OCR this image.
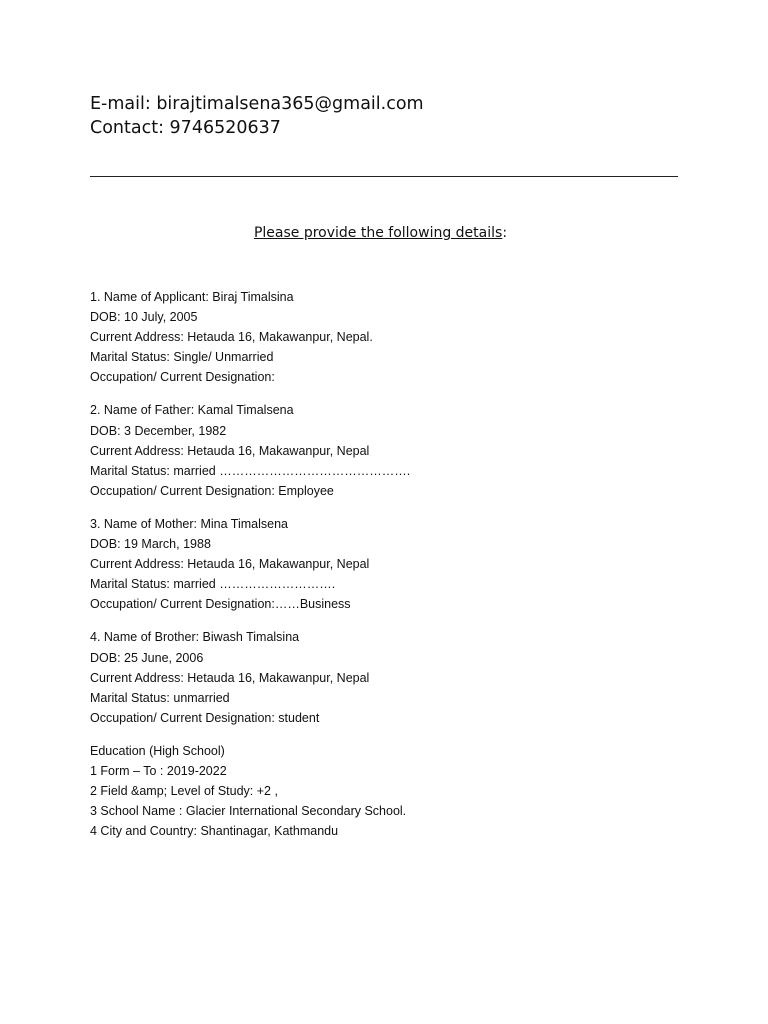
E-mail: birajtimalsena365@gmail.com
Contact: 9746520637
Please provide the following details:
1. Name of Applicant: Biraj Timalsina
DOB: 10 July, 2005
Current Address: Hetauda 16, Makawanpur, Nepal.
Marital Status: Single/ Unmarried
Occupation/ Current Designation:
2. Name of Father: Kamal Timalsena
DOB: 3 December, 1982
Current Address: Hetauda 16, Makawanpur, Nepal
Marital Status: married ……………………………………….
Occupation/ Current Designation: Employee
3. Name of Mother: Mina Timalsena
DOB: 19 March, 1988
Current Address: Hetauda 16, Makawanpur, Nepal
Marital Status: married ……………………….
Occupation/ Current Designation:……Business
4. Name of Brother: Biwash Timalsina
DOB: 25 June, 2006
Current Address: Hetauda 16, Makawanpur, Nepal
Marital Status: unmarried
Occupation/ Current Designation: student
Education (High School)
1 Form – To : 2019-2022
2 Field &amp; Level of Study: +2 ,
3 School Name : Glacier International Secondary School.
4 City and Country: Shantinagar, Kathmandu
